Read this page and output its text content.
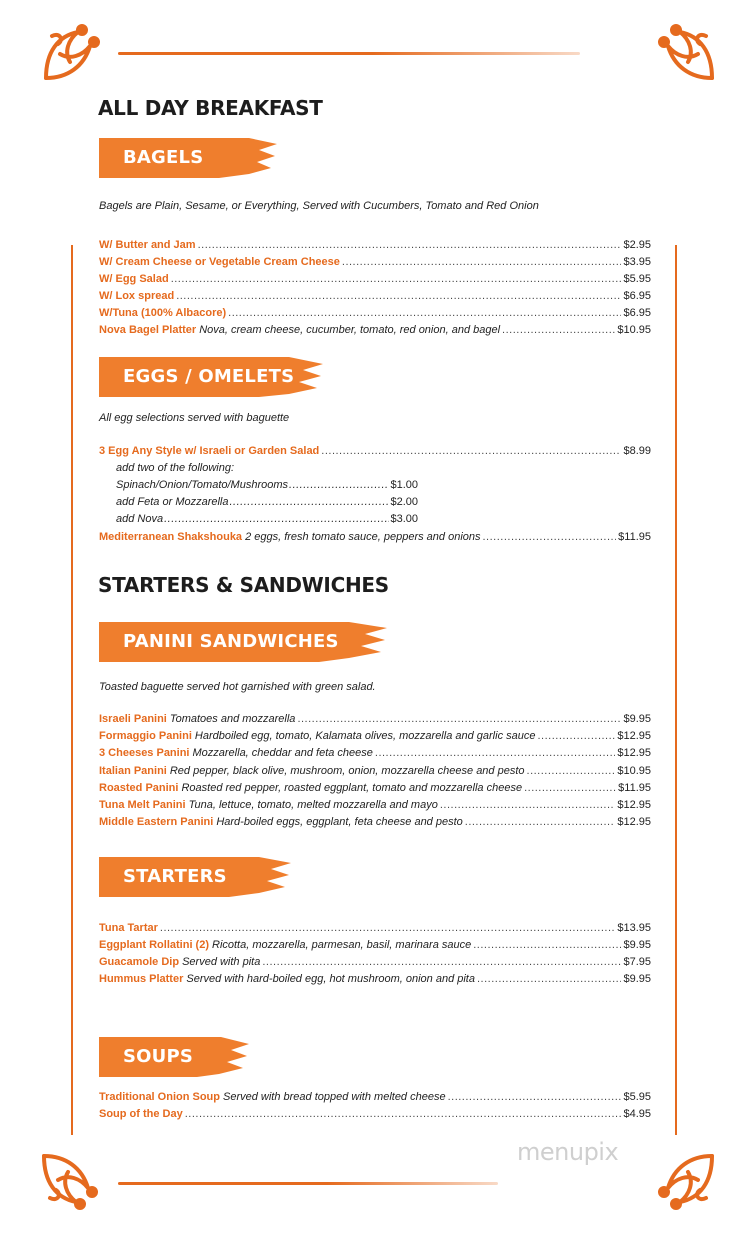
ALL DAY BREAKFAST
BAGELS
Bagels are Plain, Sesame, or Everything, Served with Cucumbers, Tomato and Red Onion
W/ Butter and Jam .....	$2.95
W/ Cream Cheese or Vegetable Cream Cheese .....	$3.95
W/ Egg Salad .....	$5.95
W/ Lox spread .....	$6.95
W/Tuna (100% Albacore) .....	$6.95
Nova Bagel Platter Nova, cream cheese, cucumber, tomato, red onion, and bagel .....	$10.95
EGGS / OMELETS
All egg selections served with baguette
3 Egg Any Style w/ Israeli or Garden Salad .....	$8.99
add two of the following:
Spinach/Onion/Tomato/Mushrooms .....	$1.00
add Feta or Mozzarella .....	$2.00
add Nova .....	$3.00
Mediterranean Shakshouka 2 eggs, fresh tomato sauce, peppers and onions .....	$11.95
STARTERS & SANDWICHES
PANINI SANDWICHES
Toasted baguette served hot garnished with green salad.
Israeli Panini Tomatoes and mozzarella .....	$9.95
Formaggio Panini Hardboiled egg, tomato, Kalamata olives, mozzarella and garlic sauce .....	$12.95
3 Cheeses Panini Mozzarella, cheddar and feta cheese .....	$12.95
Italian Panini Red pepper, black olive, mushroom, onion, mozzarella cheese and pesto .....	$10.95
Roasted Panini Roasted red pepper, roasted eggplant, tomato and mozzarella cheese .....	$11.95
Tuna Melt Panini Tuna, lettuce, tomato, melted mozzarella and mayo .....	$12.95
Middle Eastern Panini Hard-boiled eggs, eggplant, feta cheese and pesto .....	$12.95
STARTERS
Tuna Tartar .....	$13.95
Eggplant Rollatini (2) Ricotta, mozzarella, parmesan, basil, marinara sauce .....	$9.95
Guacamole Dip Served with pita .....	$7.95
Hummus Platter Served with hard-boiled egg, hot mushroom, onion and pita .....	$9.95
SOUPS
Traditional Onion Soup Served with bread topped with melted cheese .....	$5.95
Soup of the Day .....	$4.95
menupix
